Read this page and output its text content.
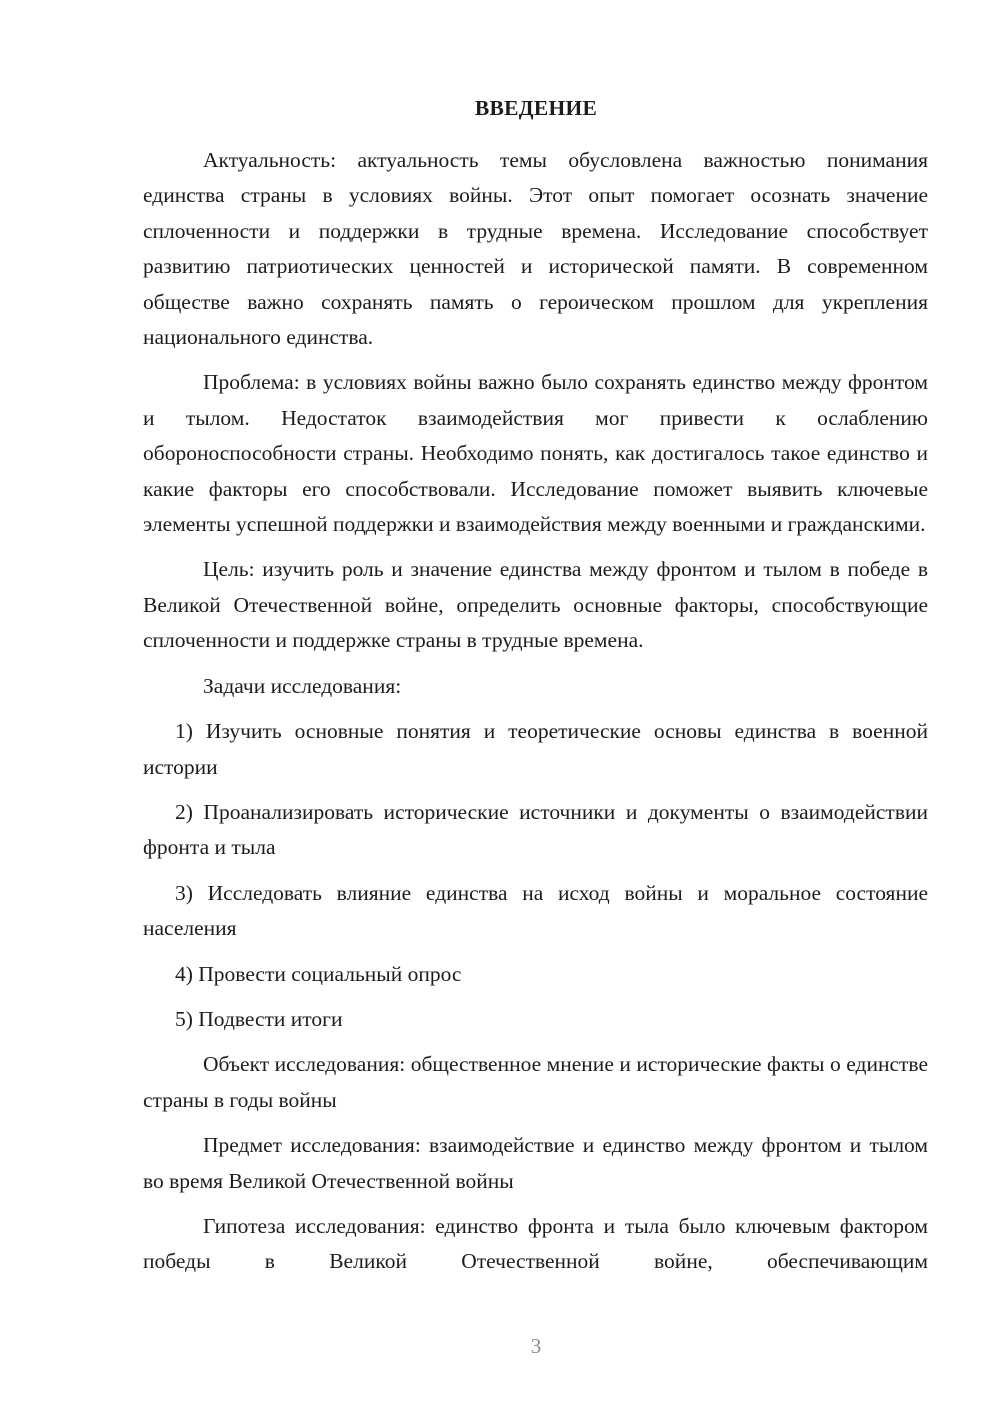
ВВЕДЕНИЕ

Актуальность: актуальность темы обусловлена важностью понимания единства страны в условиях войны. Этот опыт помогает осознать значение сплоченности и поддержки в трудные времена. Исследование способствует развитию патриотических ценностей и исторической памяти. В современном обществе важно сохранять память о героическом прошлом для укрепления национального единства.

Проблема: в условиях войны важно было сохранять единство между фронтом и тылом. Недостаток взаимодействия мог привести к ослаблению обороноспособности страны. Необходимо понять, как достигалось такое единство и какие факторы его способствовали. Исследование поможет выявить ключевые элементы успешной поддержки и взаимодействия между военными и гражданскими.

Цель: изучить роль и значение единства между фронтом и тылом в победе в Великой Отечественной войне, определить основные факторы, способствующие сплоченности и поддержке страны в трудные времена.

Задачи исследования:

1) Изучить основные понятия и теоретические основы единства в военной истории

2) Проанализировать исторические источники и документы о взаимодействии фронта и тыла

3) Исследовать влияние единства на исход войны и моральное состояние населения

4) Провести социальный опрос

5) Подвести итоги

Объект исследования: общественное мнение и исторические факты о единстве страны в годы войны

Предмет исследования: взаимодействие и единство между фронтом и тылом во время Великой Отечественной войны

Гипотеза исследования: единство фронта и тыла было ключевым фактором победы в Великой Отечественной войне, обеспечивающим

3
